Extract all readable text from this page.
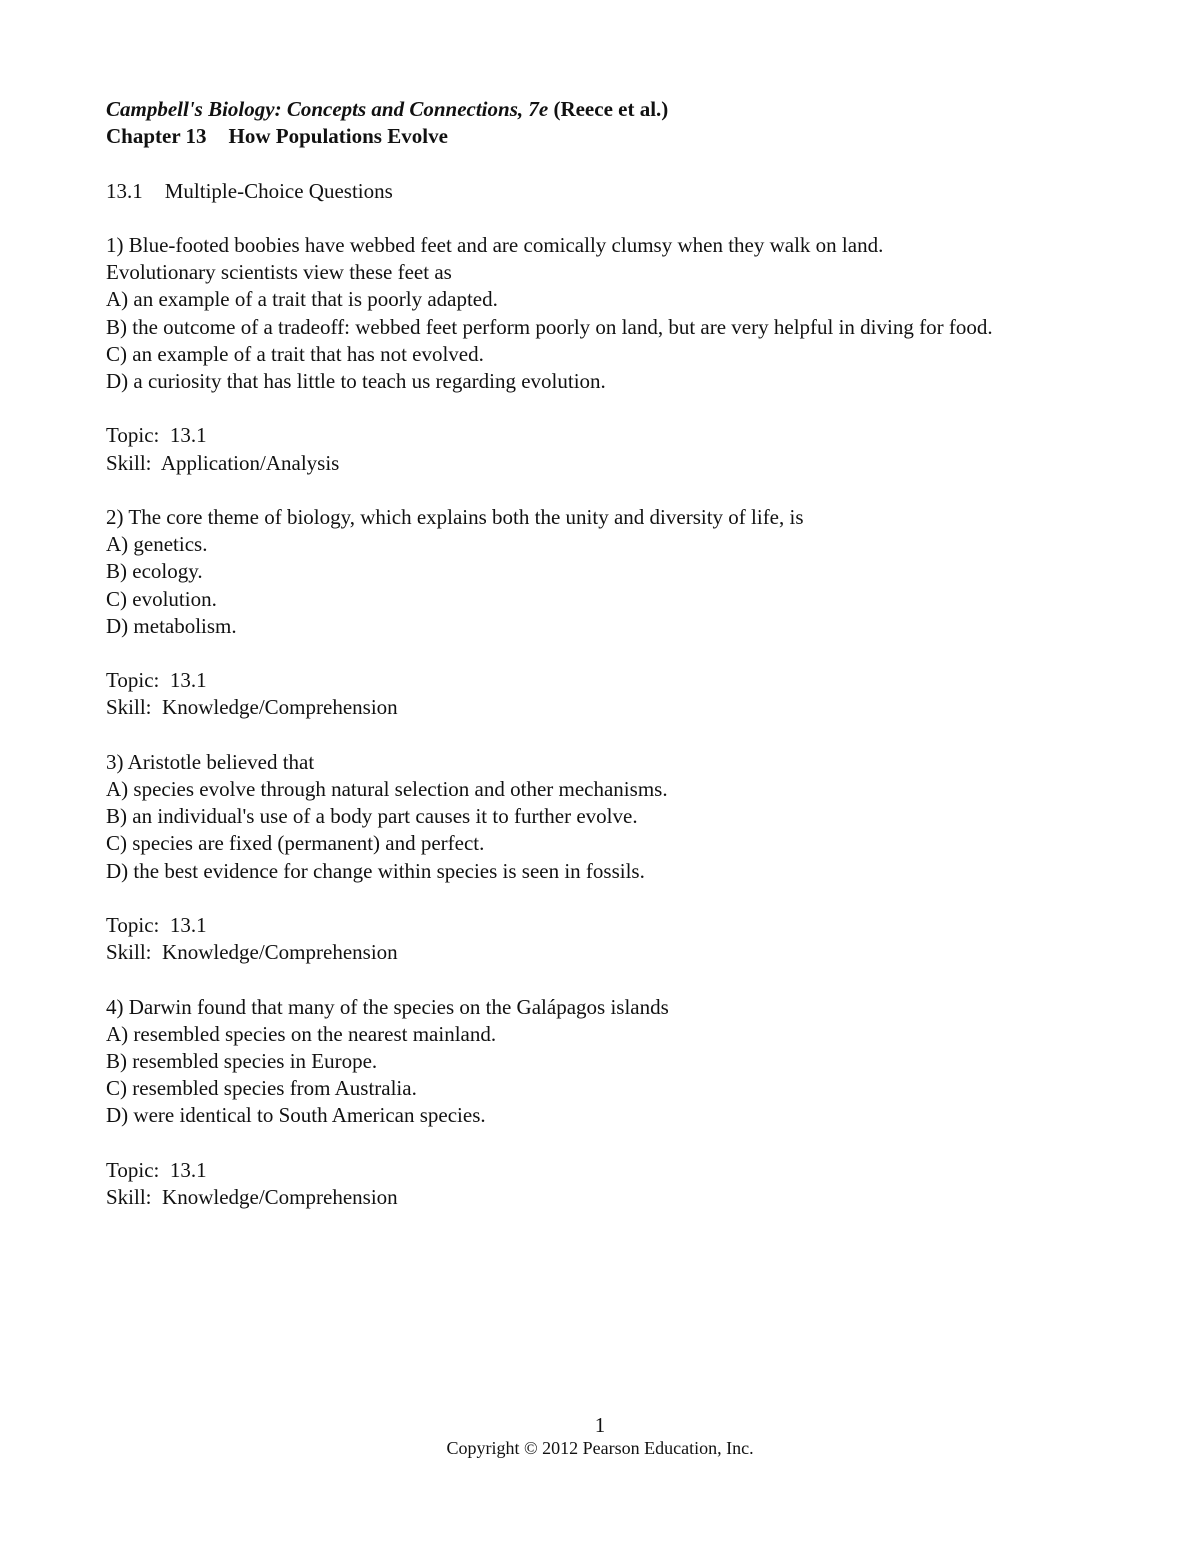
Campbell's Biology: Concepts and Connections, 7e (Reece et al.)
Chapter 13 How Populations Evolve
13.1 Multiple-Choice Questions
1) Blue-footed boobies have webbed feet and are comically clumsy when they walk on land.
Evolutionary scientists view these feet as
A) an example of a trait that is poorly adapted.
B) the outcome of a tradeoff: webbed feet perform poorly on land, but are very helpful in diving for food.
C) an example of a trait that has not evolved.
D) a curiosity that has little to teach us regarding evolution.
Topic: 13.1
Skill: Application/Analysis
2) The core theme of biology, which explains both the unity and diversity of life, is
A) genetics.
B) ecology.
C) evolution.
D) metabolism.
Topic: 13.1
Skill: Knowledge/Comprehension
3) Aristotle believed that
A) species evolve through natural selection and other mechanisms.
B) an individual's use of a body part causes it to further evolve.
C) species are fixed (permanent) and perfect.
D) the best evidence for change within species is seen in fossils.
Topic: 13.1
Skill: Knowledge/Comprehension
4) Darwin found that many of the species on the Galápagos islands
A) resembled species on the nearest mainland.
B) resembled species in Europe.
C) resembled species from Australia.
D) were identical to South American species.
Topic: 13.1
Skill: Knowledge/Comprehension
1
Copyright © 2012 Pearson Education, Inc.
